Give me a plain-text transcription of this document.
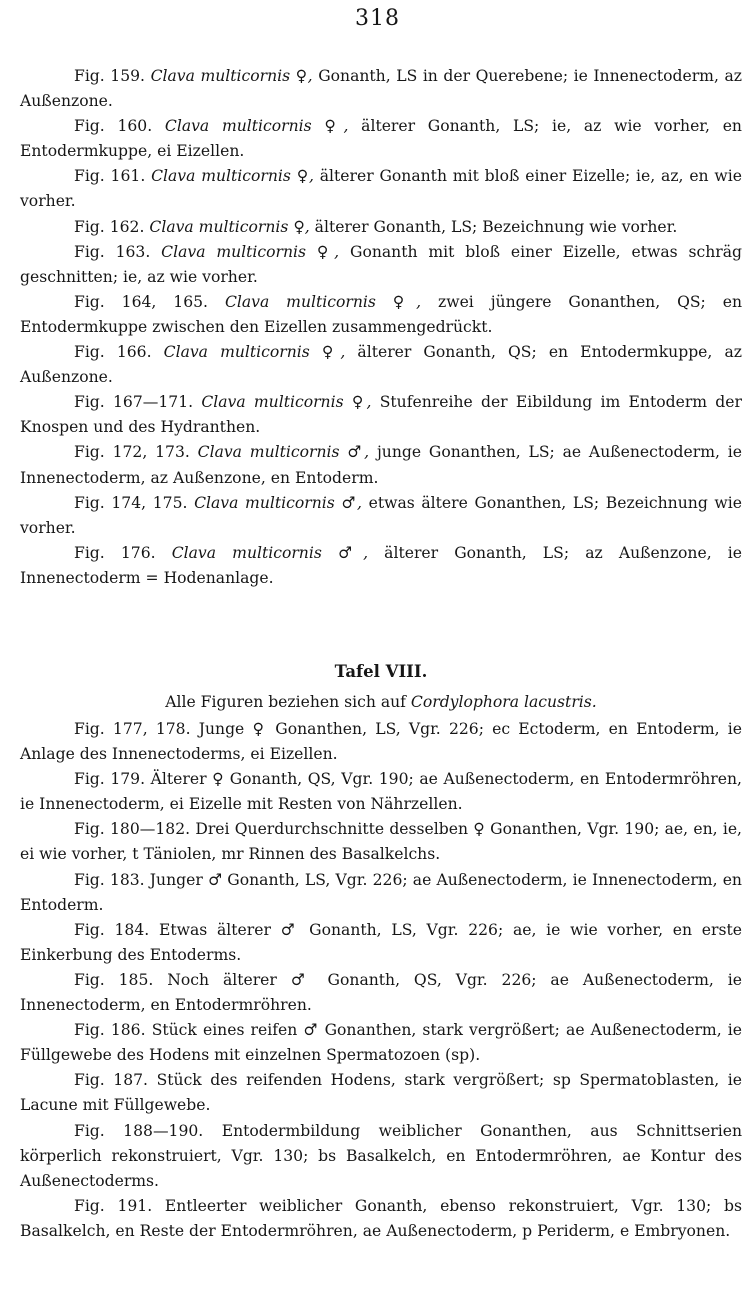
318

Fig. 159. Clava multicornis ♀, Gonanth, LS in der Querebene; ie Innenectoderm, az Außenzone.

Fig. 160. Clava multicornis ♀, älterer Gonanth, LS; ie, az wie vorher, en Entodermkuppe, ei Eizellen.

Fig. 161. Clava multicornis ♀, älterer Gonanth mit bloß einer Eizelle; ie, az, en wie vorher.

Fig. 162. Clava multicornis ♀, älterer Gonanth, LS; Bezeichnung wie vorher.

Fig. 163. Clava multicornis ♀, Gonanth mit bloß einer Eizelle, etwas schräg geschnitten; ie, az wie vorher.

Fig. 164, 165. Clava multicornis ♀, zwei jüngere Gonanthen, QS; en Entodermkuppe zwischen den Eizellen zusammengedrückt.

Fig. 166. Clava multicornis ♀, älterer Gonanth, QS; en Entodermkuppe, az Außenzone.

Fig. 167—171. Clava multicornis ♀, Stufenreihe der Eibildung im Entoderm der Knospen und des Hydranthen.

Fig. 172, 173. Clava multicornis ♂, junge Gonanthen, LS; ae Außenectoderm, ie Innenectoderm, az Außenzone, en Entoderm.

Fig. 174, 175. Clava multicornis ♂, etwas ältere Gonanthen, LS; Bezeichnung wie vorher.

Fig. 176. Clava multicornis ♂, älterer Gonanth, LS; az Außenzone, ie Innenectoderm = Hodenanlage.

Tafel VIII.
Alle Figuren beziehen sich auf Cordylophora lacustris.

Fig. 177, 178. Junge ♀ Gonanthen, LS, Vgr. 226; ec Ectoderm, en Entoderm, ie Anlage des Innenectoderms, ei Eizellen.

Fig. 179. Älterer ♀ Gonanth, QS, Vgr. 190; ae Außenectoderm, en Entodermröhren, ie Innenectoderm, ei Eizelle mit Resten von Nährzellen.

Fig. 180—182. Drei Querdurchschnitte desselben ♀ Gonanthen, Vgr. 190; ae, en, ie, ei wie vorher, t Täniolen, mr Rinnen des Basalkelchs.

Fig. 183. Junger ♂ Gonanth, LS, Vgr. 226; ae Außenectoderm, ie Innenectoderm, en Entoderm.

Fig. 184. Etwas älterer ♂ Gonanth, LS, Vgr. 226; ae, ie wie vorher, en erste Einkerbung des Entoderms.

Fig. 185. Noch älterer ♂ Gonanth, QS, Vgr. 226; ae Außenectoderm, ie Innenectoderm, en Entodermröhren.

Fig. 186. Stück eines reifen ♂ Gonanthen, stark vergrößert; ae Außenectoderm, ie Füllgewebe des Hodens mit einzelnen Spermatozoen (sp).

Fig. 187. Stück des reifenden Hodens, stark vergrößert; sp Spermatoblasten, ie Lacune mit Füllgewebe.

Fig. 188—190. Entodermbildung weiblicher Gonanthen, aus Schnittserien körperlich rekonstruiert, Vgr. 130; bs Basalkelch, en Entodermröhren, ae Kontur des Außenectoderms.

Fig. 191. Entleerter weiblicher Gonanth, ebenso rekonstruiert, Vgr. 130; bs Basalkelch, en Reste der Entodermröhren, ae Außenectoderm, p Periderm, e Embryonen.
